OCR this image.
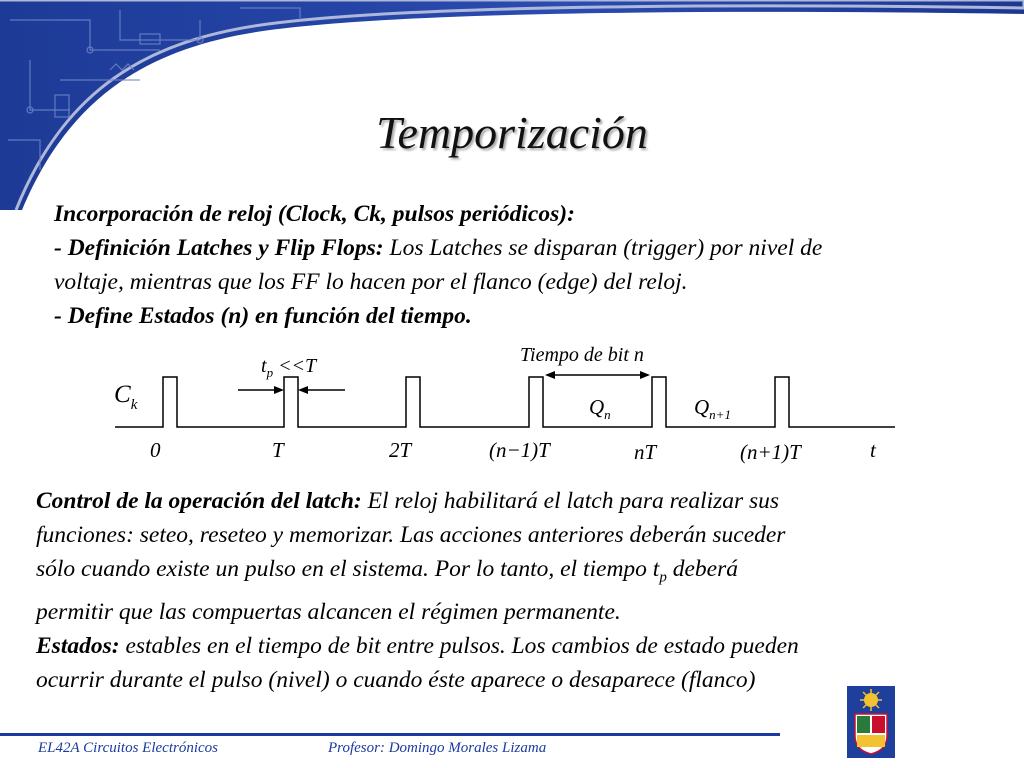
Temporización
Incorporación de reloj (Clock, Ck, pulsos periódicos):
- Definición Latches y Flip Flops: Los Latches se disparan (trigger) por nivel de
voltaje, mientras que los FF lo hacen por el flanco (edge) del reloj.
- Define Estados (n) en función del tiempo.
$C_k$
$t_p <<T$	Tiempo de bit n
$Q_n$	$Q_{n+1}$
0	T	2T	(n−1)T	nT	(n+1)T	t
Control de la operación del latch: El reloj habilitará el latch para realizar sus
funciones: seteo, reseteo y memorizar. Las acciones anteriores deberán suceder
sólo cuando existe un pulso en el sistema. Por lo tanto, el tiempo $t_p$ deberá
permitir que las compuertas alcancen el régimen permanente.
Estados: estables en el tiempo de bit entre pulsos. Los cambios de estado pueden
ocurrir durante el pulso (nivel) o cuando éste aparece o desaparece (flanco)
EL42A Circuitos Electrónicos	Profesor: Domingo Morales Lizama
